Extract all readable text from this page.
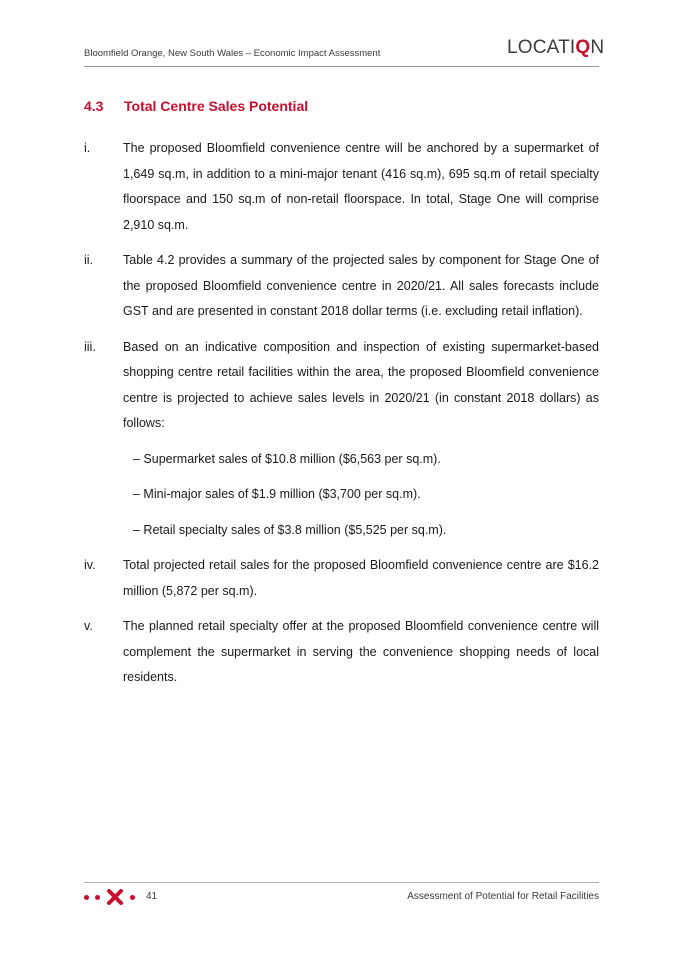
Bloomfield Orange, New South Wales – Economic Impact Assessment	LOCATIQN
4.3	Total Centre Sales Potential
i.	The proposed Bloomfield convenience centre will be anchored by a supermarket of 1,649 sq.m, in addition to a mini-major tenant (416 sq.m), 695 sq.m of retail specialty floorspace and 150 sq.m of non-retail floorspace. In total, Stage One will comprise 2,910 sq.m.
ii.	Table 4.2 provides a summary of the projected sales by component for Stage One of the proposed Bloomfield convenience centre in 2020/21. All sales forecasts include GST and are presented in constant 2018 dollar terms (i.e. excluding retail inflation).
iii.	Based on an indicative composition and inspection of existing supermarket-based shopping centre retail facilities within the area, the proposed Bloomfield convenience centre is projected to achieve sales levels in 2020/21 (in constant 2018 dollars) as follows:
– Supermarket sales of $10.8 million ($6,563 per sq.m).
– Mini-major sales of $1.9 million ($3,700 per sq.m).
– Retail specialty sales of $3.8 million ($5,525 per sq.m).
iv.	Total projected retail sales for the proposed Bloomfield convenience centre are $16.2 million (5,872 per sq.m).
v.	The planned retail specialty offer at the proposed Bloomfield convenience centre will complement the supermarket in serving the convenience shopping needs of local residents.
41	Assessment of Potential for Retail Facilities
